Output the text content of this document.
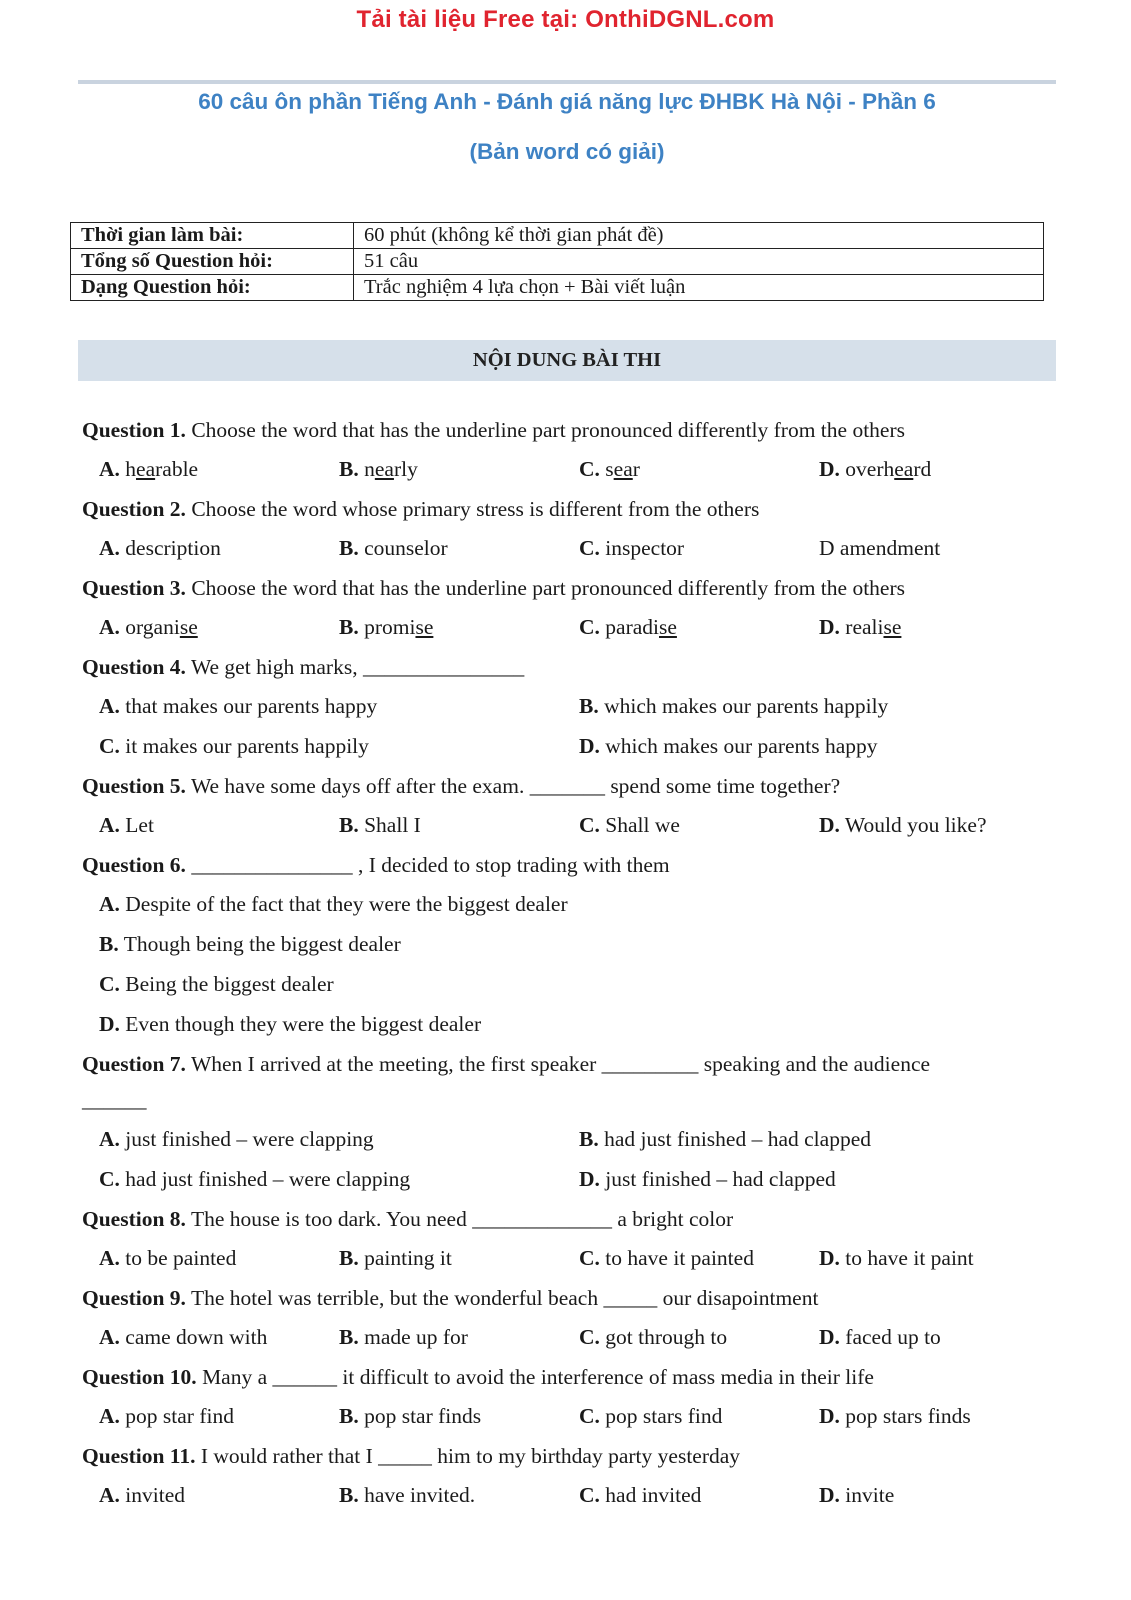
Tải tài liệu Free tại: OnthiDGNL.com
60 câu ôn phần Tiếng Anh - Đánh giá năng lực ĐHBK Hà Nội - Phần 6
(Bản word có giải)
Thời gian làm bài:	60 phút (không kể thời gian phát đề)
Tổng số Question hỏi:	51 câu
Dạng Question hỏi:	Trắc nghiệm 4 lựa chọn + Bài viết luận
NỘI DUNG BÀI THI
Question 1. Choose the word that has the underline part pronounced differently from the others
A. hearable	B. nearly	C. sear	D. overheard
Question 2. Choose the word whose primary stress is different from the others
A. description	B. counselor	C. inspector	D amendment
Question 3. Choose the word that has the underline part pronounced differently from the others
A. organise	B. promise	C. paradise	D. realise
Question 4. We get high marks, _______________
A. that makes our parents happy	B. which makes our parents happily
C. it makes our parents happily	D. which makes our parents happy
Question 5. We have some days off after the exam. _______ spend some time together?
A. Let	B. Shall I	C. Shall we	D. Would you like?
Question 6. _______________ , I decided to stop trading with them
A. Despite of the fact that they were the biggest dealer
B. Though being the biggest dealer
C. Being the biggest dealer
D. Even though they were the biggest dealer
Question 7. When I arrived at the meeting, the first speaker _________ speaking and the audience
______
A. just finished – were clapping	B. had just finished – had clapped
C. had just finished – were clapping	D. just finished – had clapped
Question 8. The house is too dark. You need _____________ a bright color
A. to be painted	B. painting it	C. to have it painted	D. to have it paint
Question 9. The hotel was terrible, but the wonderful beach _____ our disapointment
A. came down with	B. made up for	C. got through to	D. faced up to
Question 10. Many a ______ it difficult to avoid the interference of mass media in their life
A. pop star find	B. pop star finds	C. pop stars find	D. pop stars finds
Question 11. I would rather that I _____ him to my birthday party yesterday
A. invited	B. have invited.	C. had invited	D. invite
